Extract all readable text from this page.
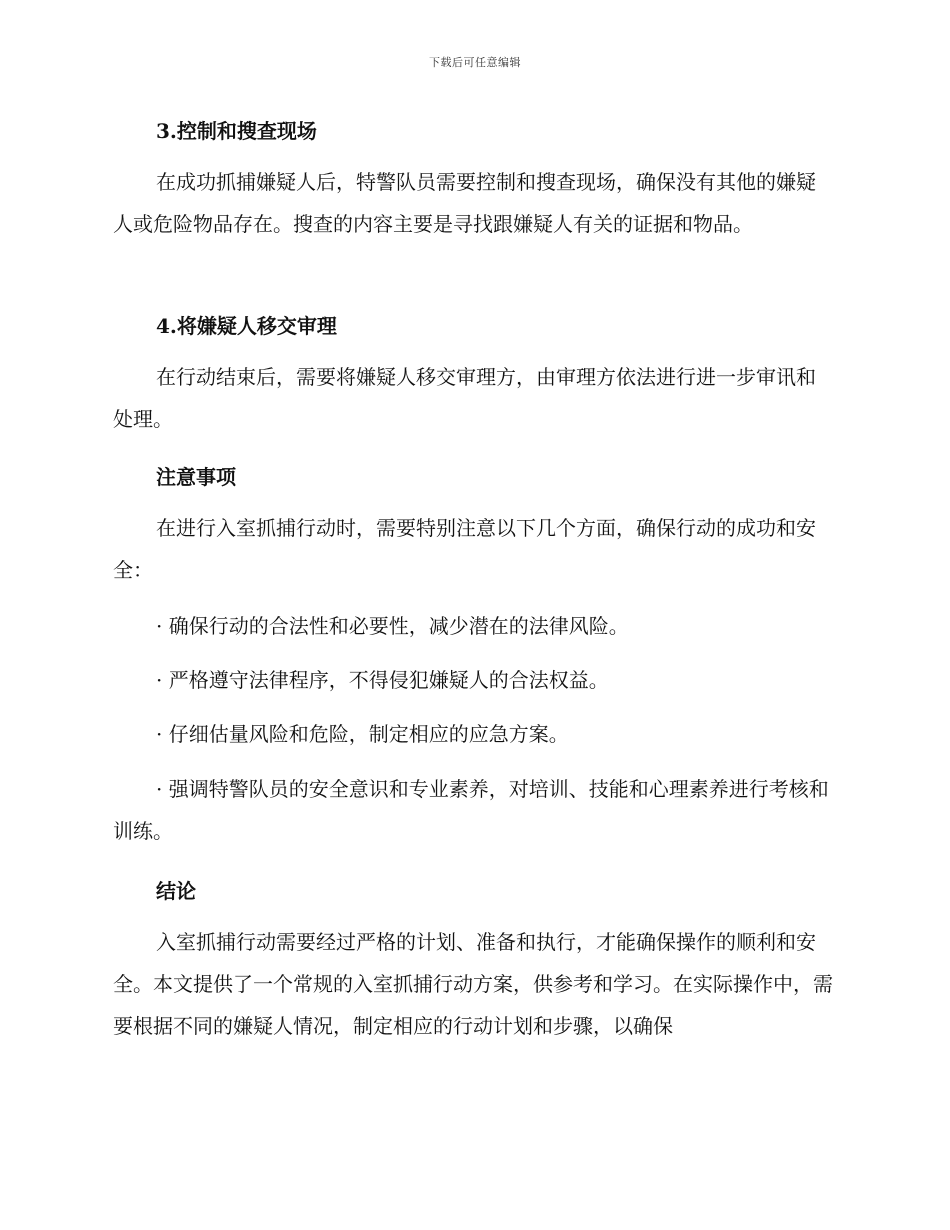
下载后可任意编辑
3.控制和搜查现场

在成功抓捕嫌疑人后，特警队员需要控制和搜查现场，确保没有其他的嫌疑人或危险物品存在。搜查的内容主要是寻找跟嫌疑人有关的证据和物品。

4.将嫌疑人移交审理

在行动结束后，需要将嫌疑人移交审理方，由审理方依法进行进一步审讯和处理。

注意事项

在进行入室抓捕行动时，需要特别注意以下几个方面，确保行动的成功和安全：

· 确保行动的合法性和必要性，减少潜在的法律风险。

· 严格遵守法律程序，不得侵犯嫌疑人的合法权益。

· 仔细估量风险和危险，制定相应的应急方案。

· 强调特警队员的安全意识和专业素养，对培训、技能和心理素养进行考核和训练。

结论

入室抓捕行动需要经过严格的计划、准备和执行，才能确保操作的顺利和安全。本文提供了一个常规的入室抓捕行动方案，供参考和学习。在实际操作中，需要根据不同的嫌疑人情况，制定相应的行动计划和步骤，以确保
